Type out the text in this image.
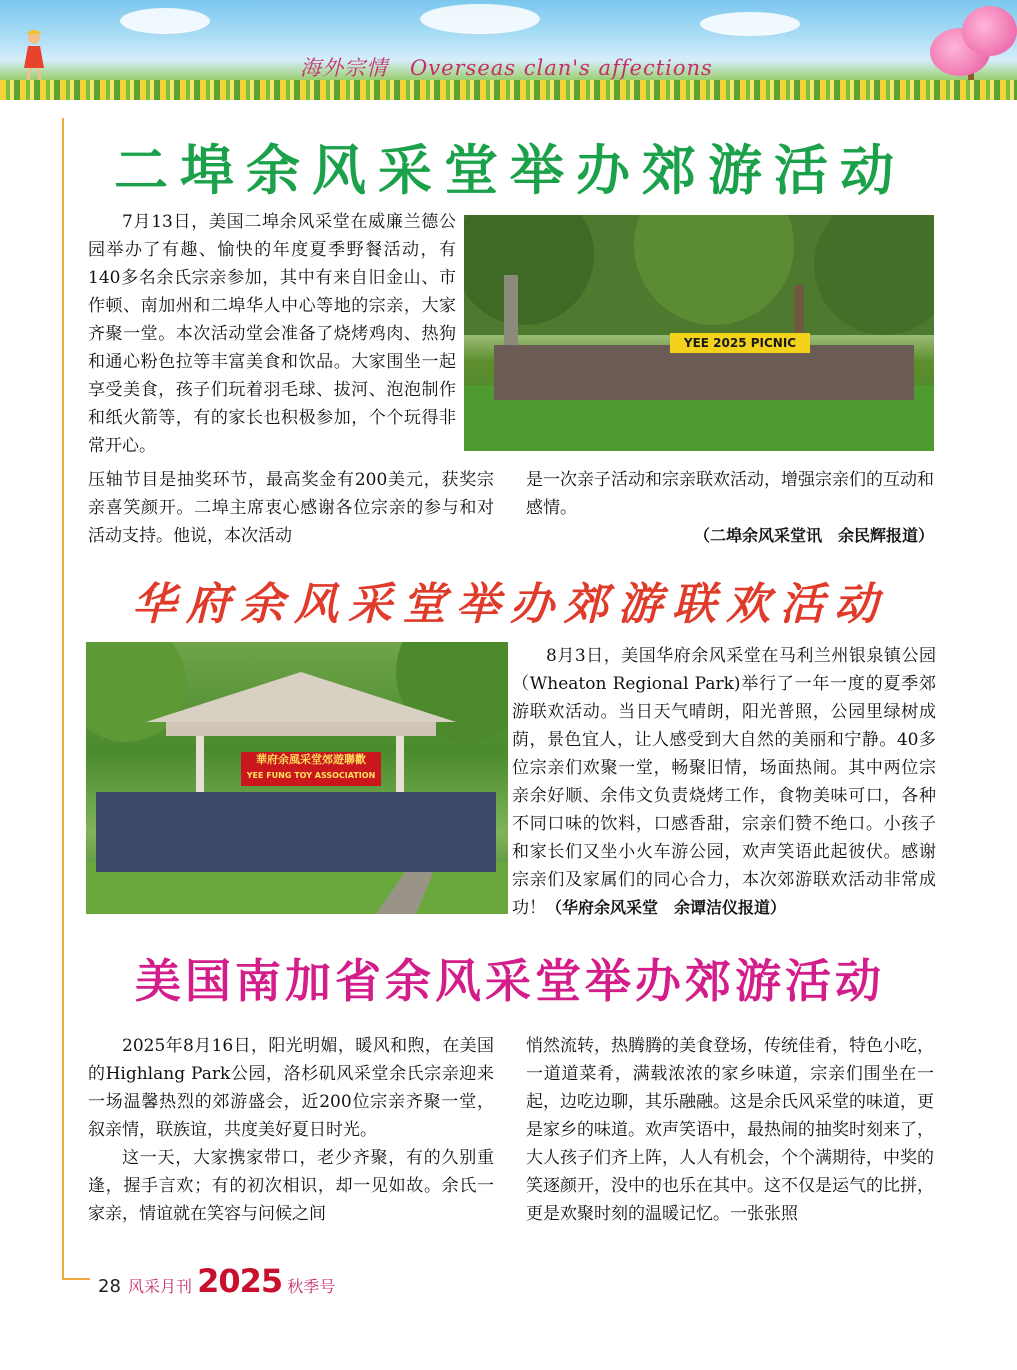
海外宗情 Overseas clan's affections
二埠余风采堂举办郊游活动

7月13日，美国二埠余风采堂在威廉兰德公园举办了有趣、愉快的年度夏季野餐活动，有140多名余氏宗亲参加，其中有来自旧金山、市作顿、南加州和二埠华人中心等地的宗亲，大家齐聚一堂。本次活动堂会准备了烧烤鸡肉、热狗和通心粉色拉等丰富美食和饮品。大家围坐一起享受美食，孩子们玩着羽毛球、拔河、泡泡制作和纸火箭等，有的家长也积极参加，个个玩得非常开心。

YEE 2025 PICNIC

压轴节目是抽奖环节，最高奖金有200美元，获奖宗亲喜笑颜开。二埠主席衷心感谢各位宗亲的参与和对活动支持。他说，本次活动

是一次亲子活动和宗亲联欢活动，增强宗亲们的互动和感情。

（二埠余风采堂讯　余民辉报道）
华府余风采堂举办郊游联欢活动
華府余風采堂郊遊聯歡
YEE FUNG TOY ASSOCIATION

8月3日，美国华府余风采堂在马利兰州银泉镇公园（Wheaton Regional Park)举行了一年一度的夏季郊游联欢活动。当日天气晴朗，阳光普照，公园里绿树成荫，景色宜人，让人感受到大自然的美丽和宁静。40多位宗亲们欢聚一堂，畅聚旧情，场面热闹。其中两位宗亲余好顺、余伟文负责烧烤工作，食物美味可口，各种不同口味的饮料，口感香甜，宗亲们赞不绝口。小孩子和家长们又坐小火车游公园，欢声笑语此起彼伏。感谢宗亲们及家属们的同心合力，本次郊游联欢活动非常成功！（华府余风采堂　余谭洁仪报道）

美国南加省余风采堂举办郊游活动

2025年8月16日，阳光明媚，暖风和煦，在美国的Highlang Park公园，洛杉矶风采堂余氏宗亲迎来一场温馨热烈的郊游盛会，近200位宗亲齐聚一堂，叙亲情，联族谊，共度美好夏日时光。

这一天，大家携家带口，老少齐聚，有的久别重逢，握手言欢；有的初次相识，却一见如故。余氏一家亲，情谊就在笑容与问候之间

悄然流转，热腾腾的美食登场，传统佳肴，特色小吃，一道道菜肴，满载浓浓的家乡味道，宗亲们围坐在一起，边吃边聊，其乐融融。这是余氏风采堂的味道，更是家乡的味道。欢声笑语中，最热闹的抽奖时刻来了，大人孩子们齐上阵，人人有机会，个个满期待，中奖的笑逐颜开，没中的也乐在其中。这不仅是运气的比拼，更是欢聚时刻的温暖记忆。一张张照

28 风采月刊 2025 秋季号
